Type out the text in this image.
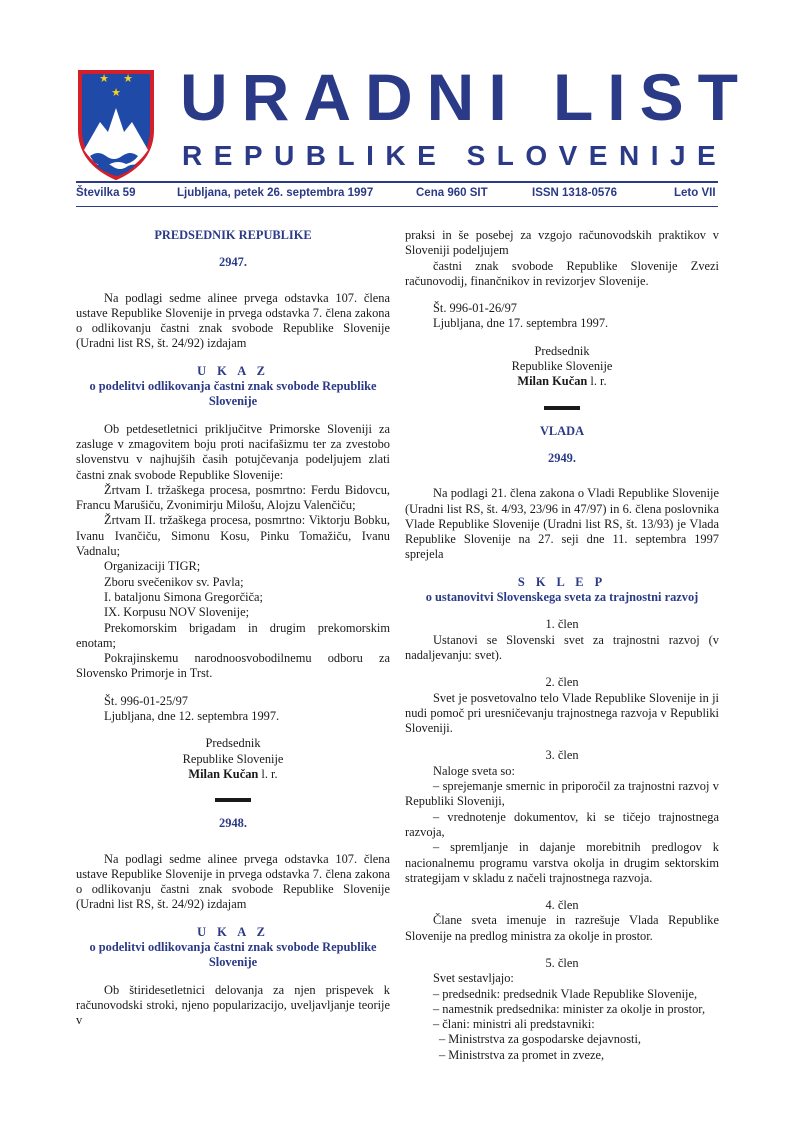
★ ★
★ URADNI LIST
REPUBLIKE SLOVENIJE
Številka 59	Ljubljana, petek 26. septembra 1997	Cena 960 SIT	ISSN 1318-0576	Leto VII

PREDSEDNIK REPUBLIKE

2947.

Na podlagi sedme alinee prvega odstavka 107. člena ustave Republike Slovenije in prvega odstavka 7. člena zakona o odlikovanju častni znak svobode Republike Slovenije (Uradni list RS, št. 24/92) izdajam

U K A Z

o podelitvi odlikovanja častni znak svobode Republike Slovenije

Ob petdesetletnici priključitve Primorske Sloveniji za zasluge v zmagovitem boju proti nacifašizmu ter za zvestobo slovenstvu v najhujših časih potujčevanja podeljujem zlati častni znak svobode Republike Slovenije:

Žrtvam I. tržaškega procesa, posmrtno: Ferdu Bidovcu, Francu Marušiču, Zvonimirju Milošu, Alojzu Valenčiču;

Žrtvam II. tržaškega procesa, posmrtno: Viktorju Bobku, Ivanu Ivančiču, Simonu Kosu, Pinku Tomažiču, Ivanu Vadnalu;

Organizaciji TIGR;

Zboru svečenikov sv. Pavla;

I. bataljonu Simona Gregorčiča;

IX. Korpusu NOV Slovenije;

Prekomorskim brigadam in drugim prekomorskim enotam;

Pokrajinskemu narodnoosvobodilnemu odboru za Slovensko Primorje in Trst.

Št. 996-01-25/97

Ljubljana, dne 12. septembra 1997.

Predsednik

Republike Slovenije

Milan Kučan l. r.

2948.

Na podlagi sedme alinee prvega odstavka 107. člena ustave Republike Slovenije in prvega odstavka 7. člena zakona o odlikovanju častni znak svobode Republike Slovenije (Uradni list RS, št. 24/92) izdajam

U K A Z

o podelitvi odlikovanja častni znak svobode Republike Slovenije

Ob štiridesetletnici delovanja za njen prispevek k računovodski stroki, njeno popularizacijo, uveljavljanje teorije v

praksi in še posebej za vzgojo računovodskih praktikov v Sloveniji podeljujem

častni znak svobode Republike Slovenije Zvezi računovodij, finančnikov in revizorjev Slovenije.

Št. 996-01-26/97

Ljubljana, dne 17. septembra 1997.

Predsednik

Republike Slovenije

Milan Kučan l. r.

VLADA

2949.

Na podlagi 21. člena zakona o Vladi Republike Slovenije (Uradni list RS, št. 4/93, 23/96 in 47/97) in 6. člena poslovnika Vlade Republike Slovenije (Uradni list RS, št. 13/93) je Vlada Republike Slovenije na 27. seji dne 11. septembra 1997 sprejela

S K L E P

o ustanovitvi Slovenskega sveta za trajnostni razvoj

1. člen

Ustanovi se Slovenski svet za trajnostni razvoj (v nadaljevanju: svet).

2. člen

Svet je posvetovalno telo Vlade Republike Slovenije in ji nudi pomoč pri uresničevanju trajnostnega razvoja v Republiki Sloveniji.

3. člen

Naloge sveta so:

– sprejemanje smernic in priporočil za trajnostni razvoj v Republiki Sloveniji,

– vrednotenje dokumentov, ki se tičejo trajnostnega razvoja,

– spremljanje in dajanje morebitnih predlogov k nacionalnemu programu varstva okolja in drugim sektorskim strategijam v skladu z načeli trajnostnega razvoja.

4. člen

Člane sveta imenuje in razrešuje Vlada Republike Slovenije na predlog ministra za okolje in prostor.

5. člen

Svet sestavljajo:

– predsednik: predsednik Vlade Republike Slovenije,

– namestnik predsednika: minister za okolje in prostor,

– člani: ministri ali predstavniki:

– Ministrstva za gospodarske dejavnosti,

– Ministrstva za promet in zveze,
